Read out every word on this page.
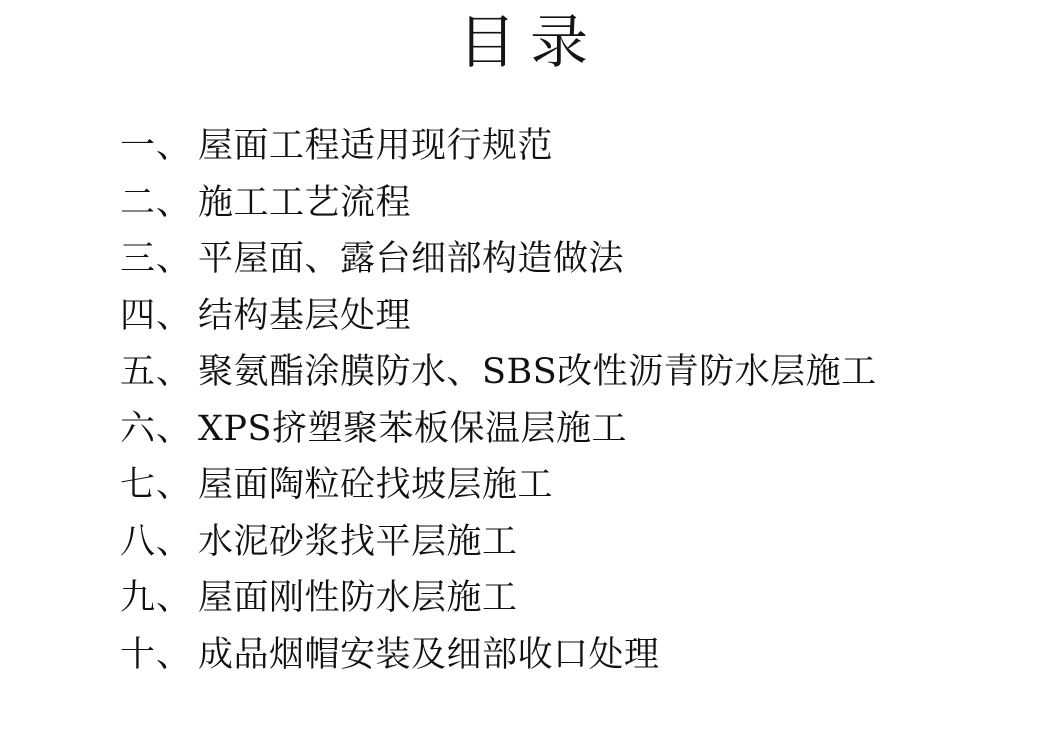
目录
一、 屋面工程适用现行规范
二、 施工工艺流程
三、 平屋面、露台细部构造做法
四、 结构基层处理
五、 聚氨酯涂膜防水、SBS改性沥青防水层施工
六、 XPS挤塑聚苯板保温层施工
七、 屋面陶粒砼找坡层施工
八、 水泥砂浆找平层施工
九、 屋面刚性防水层施工
十、 成品烟帽安装及细部收口处理
